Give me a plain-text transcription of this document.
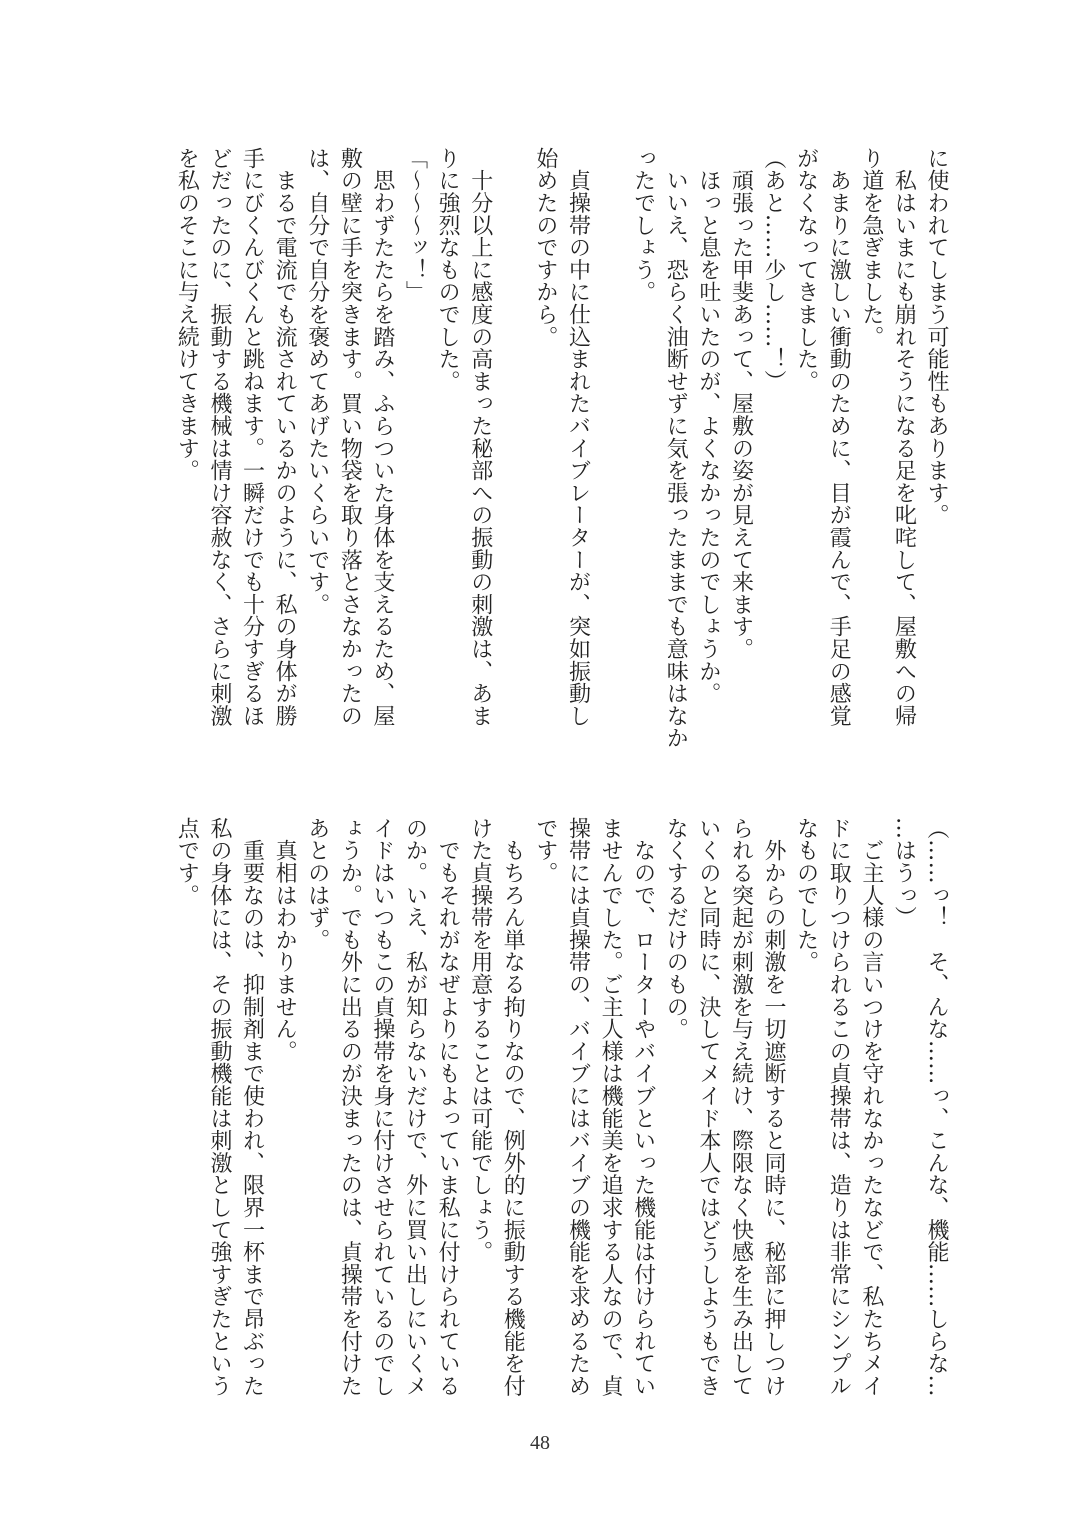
に使われてしまう可能性もあります。
　私はいまにも崩れそうになる足を叱咤して、屋敷への帰
り道を急ぎました。
　あまりに激しい衝動のために、目が霞んで、手足の感覚
がなくなってきました。
（あと……少し……！）
　頑張った甲斐あって、屋敷の姿が見えて来ます。
　ほっと息を吐いたのが、よくなかったのでしょうか。
　いいえ、恐らく油断せずに気を張ったままでも意味はなか
ったでしょう。
　貞操帯の中に仕込まれたバイブレーターが、突如振動し
始めたのですから。
　十分以上に感度の高まった秘部への振動の刺激は、あま
りに強烈なものでした。
「～～～ッ！」
　思わずたたらを踏み、ふらついた身体を支えるため、屋
敷の壁に手を突きます。買い物袋を取り落とさなかったの
は、自分で自分を褒めてあげたいくらいです。
　まるで電流でも流されているかのように、私の身体が勝
手にびくんびくんと跳ねます。一瞬だけでも十分すぎるほ
どだったのに、振動する機械は情け容赦なく、さらに刺激
を私のそこに与え続けてきます。
（……っ！　そ、んな……っ、こんな、機能……しらな…
…はうっ）
　ご主人様の言いつけを守れなかったなどで、私たちメイ
ドに取りつけられるこの貞操帯は、造りは非常にシンプル
なものでした。
　外からの刺激を一切遮断すると同時に、秘部に押しつけ
られる突起が刺激を与え続け、際限なく快感を生み出して
いくのと同時に、決してメイド本人ではどうしようもでき
なくするだけのもの。
　なので、ローターやバイブといった機能は付けられてい
ませんでした。ご主人様は機能美を追求する人なので、貞
操帯には貞操帯の、バイブにはバイブの機能を求めるため
です。
　もちろん単なる拘りなので、例外的に振動する機能を付
けた貞操帯を用意することは可能でしょう。
　でもそれがなぜよりにもよっていま私に付けられている
のか。いえ、私が知らないだけで、外に買い出しにいくメ
イドはいつもこの貞操帯を身に付けさせられているのでし
ょうか。でも外に出るのが決まったのは、貞操帯を付けた
あとのはず。
　真相はわかりません。
　重要なのは、抑制剤まで使われ、限界一杯まで昂ぶった
私の身体には、その振動機能は刺激として強すぎたという
点です。
48
